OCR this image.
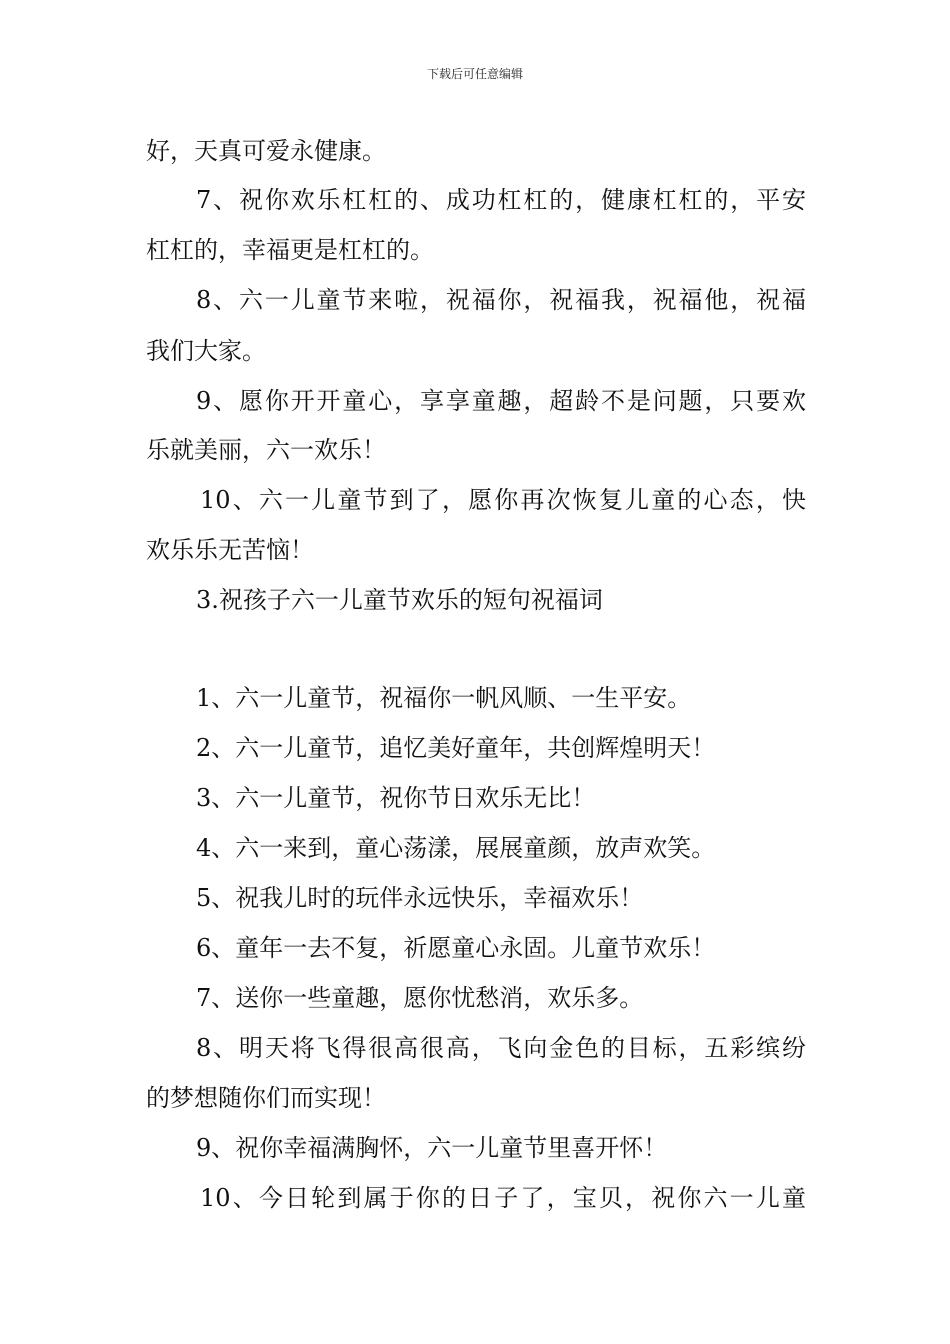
下载后可任意编辑
好，天真可爱永健康。
7、祝你欢乐杠杠的、成功杠杠的，健康杠杠的，平安
杠杠的，幸福更是杠杠的。
8、六一儿童节来啦，祝福你，祝福我，祝福他，祝福
我们大家。
9、愿你开开童心，享享童趣，超龄不是问题，只要欢
乐就美丽，六一欢乐！
10、六一儿童节到了，愿你再次恢复儿童的心态，快
欢乐乐无苦恼！
3.祝孩子六一儿童节欢乐的短句祝福词
1、六一儿童节，祝福你一帆风顺、一生平安。
2、六一儿童节，追忆美好童年，共创辉煌明天！
3、六一儿童节，祝你节日欢乐无比！
4、六一来到，童心荡漾，展展童颜，放声欢笑。
5、祝我儿时的玩伴永远快乐，幸福欢乐！
6、童年一去不复，祈愿童心永固。儿童节欢乐！
7、送你一些童趣，愿你忧愁消，欢乐多。
8、明天将飞得很高很高，飞向金色的目标，五彩缤纷
的梦想随你们而实现！
9、祝你幸福满胸怀，六一儿童节里喜开怀！
10、今日轮到属于你的日子了，宝贝，祝你六一儿童
